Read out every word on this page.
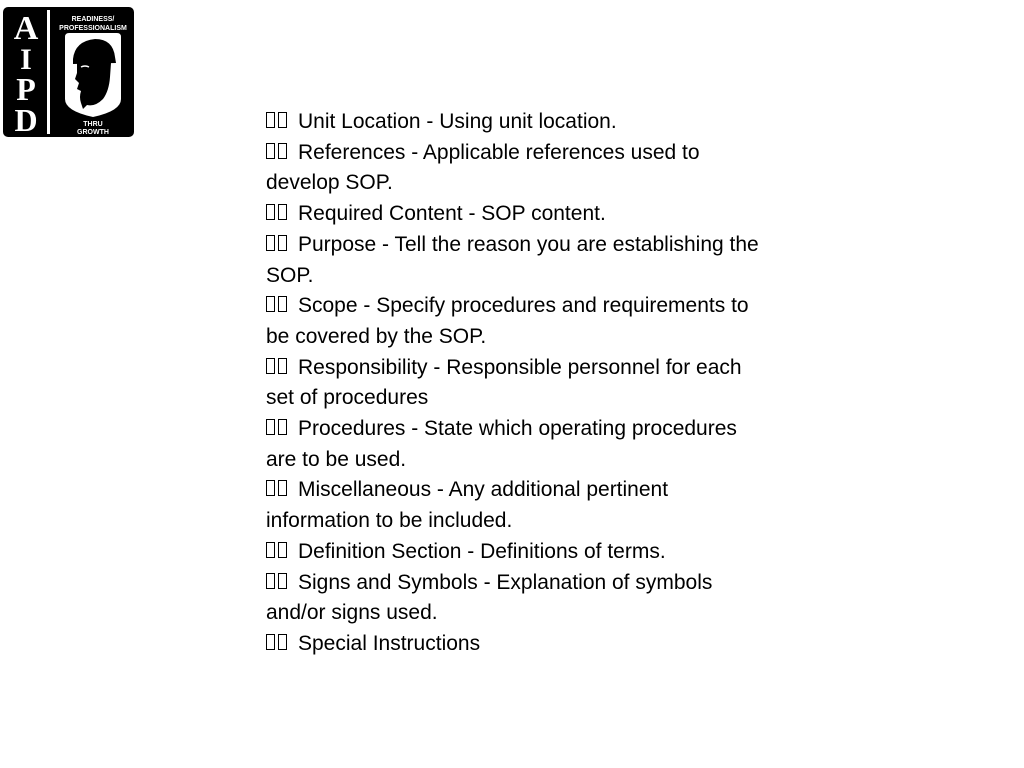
A
I
P
D
READINESS/
PROFESSIONALISM
THRU
GROWTH	Unit Location - Using unit location.

References - Applicable references used to develop SOP.

Required Content - SOP content.

Purpose - Tell the reason you are establishing the SOP.

Scope - Specify procedures and requirements to be covered by the SOP.

Responsibility - Responsible personnel for each set of procedures

Procedures - State which operating procedures are to be used.

Miscellaneous - Any additional pertinent information to be included.

Definition Section - Definitions of terms.

Signs and Symbols - Explanation of symbols and/or signs used.

Special Instructions
